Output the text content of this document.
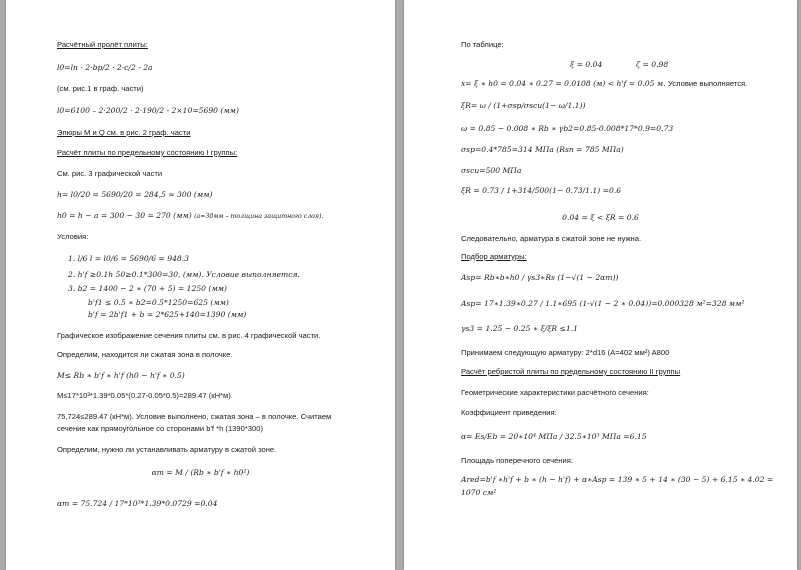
Расчётный пролёт плиты:
l0=ln - 2·bp/2 · 2·c/2 - 2a
(см. рис.1 в граф. части)
l0=6100 – 2·200/2 · 2·190/2 - 2×10=5690 (мм)
Эпюры M и Q см. в рис. 2 граф. части
Расчёт плиты по предельному состоянию I группы:
См. рис. 3 графической части
h= l0/20 = 5690/20 = 284,5 ≈ 300 (мм)
h0 = h − a = 300 − 30 = 270 (мм) (a=30мм – толщина защитного слоя).
Условия:
1. l/6 l = l0/6 = 5690/6 = 948.3
2. h'f ≥0.1h 50≥0.1*300=30, (мм). Условие выполняется.
3. b2 = 1400 − 2 ∗ (70 + 5) = 1250 (мм)
b'f1 ≤ 0.5 ∗ b2=0.5*1250=625 (мм)
b'f = 2b'f1 + b = 2*625+140=1390 (мм)
Графическое изображение сечения плиты см. в рис. 4 графической части.
Определим, находится ли сжатая зона в полочке.
M≤ Rb ∗ b'f ∗ h'f (h0 − h'f ∗ 0.5)
M≤17*10³*1.39*0.05*(0.27-0.05*0.5)=289.47 (кН*м).
75,724≤289.47 (кН*м). Условие выполнено, сжатая зона – в полочке. Считаем
сечение как прямоугольное со сторонами b'f *h (1390*300)
Определим, нужно ли устанавливать арматуру в сжатой зоне.
αm = M / (Rb ∗ b'f ∗ h0²)
αm = 75.724 / 17*10³*1.39*0.0729 =0.04
По таблице:
ξ = 0.04	ζ = 0.98
x= ξ ∗ h0 = 0.04 ∗ 0.27 = 0.0108 (м) < h'f = 0.05 м. Условие выполняется.
ξR= ω / (1+σsp/σscu(1− ω/1.1))
ω = 0.85 − 0.008 ∗ Rb ∗ γb2=0.85-0.008*17*0.9=0.73
σsp=0.4*785=314 МПа (Rsn = 785 МПа)
σscu=500 МПа
ξR = 0.73 / 1+314/500(1− 0.73/1.1) =0.6
0.04 = ξ < ξR = 0.6
Следовательно, арматура в сжатой зоне не нужна.
Подбор арматуры:
Asp= Rb∗b∗h0 / γs3∗Rs (1−√(1 − 2αm))
Asp= 17∗1.39∗0.27 / 1.1∗695 (1-√(1 − 2 ∗ 0.04))=0.000328 м²=328 мм²
γs3 = 1.25 − 0.25 ∗ ξ/ξR ≤1.1
Принимаем следующую арматуру: 2*d16 (A=402 мм²) A800
Расчёт ребристой плиты по предельному состоянию II группы
Геометрические характеристики расчётного сечения:
Коэффициент приведения:
α= Es/Eb = 20∗10⁴ МПа / 32.5∗10³ МПа =6.15
Площадь поперечного сечения:
Ared=b'f ∗h'f + b ∗ (h − h'f) + α∗Asp = 139 ∗ 5 + 14 ∗ (30 − 5) + 6.15 ∗ 4.02 =
1070 см²
